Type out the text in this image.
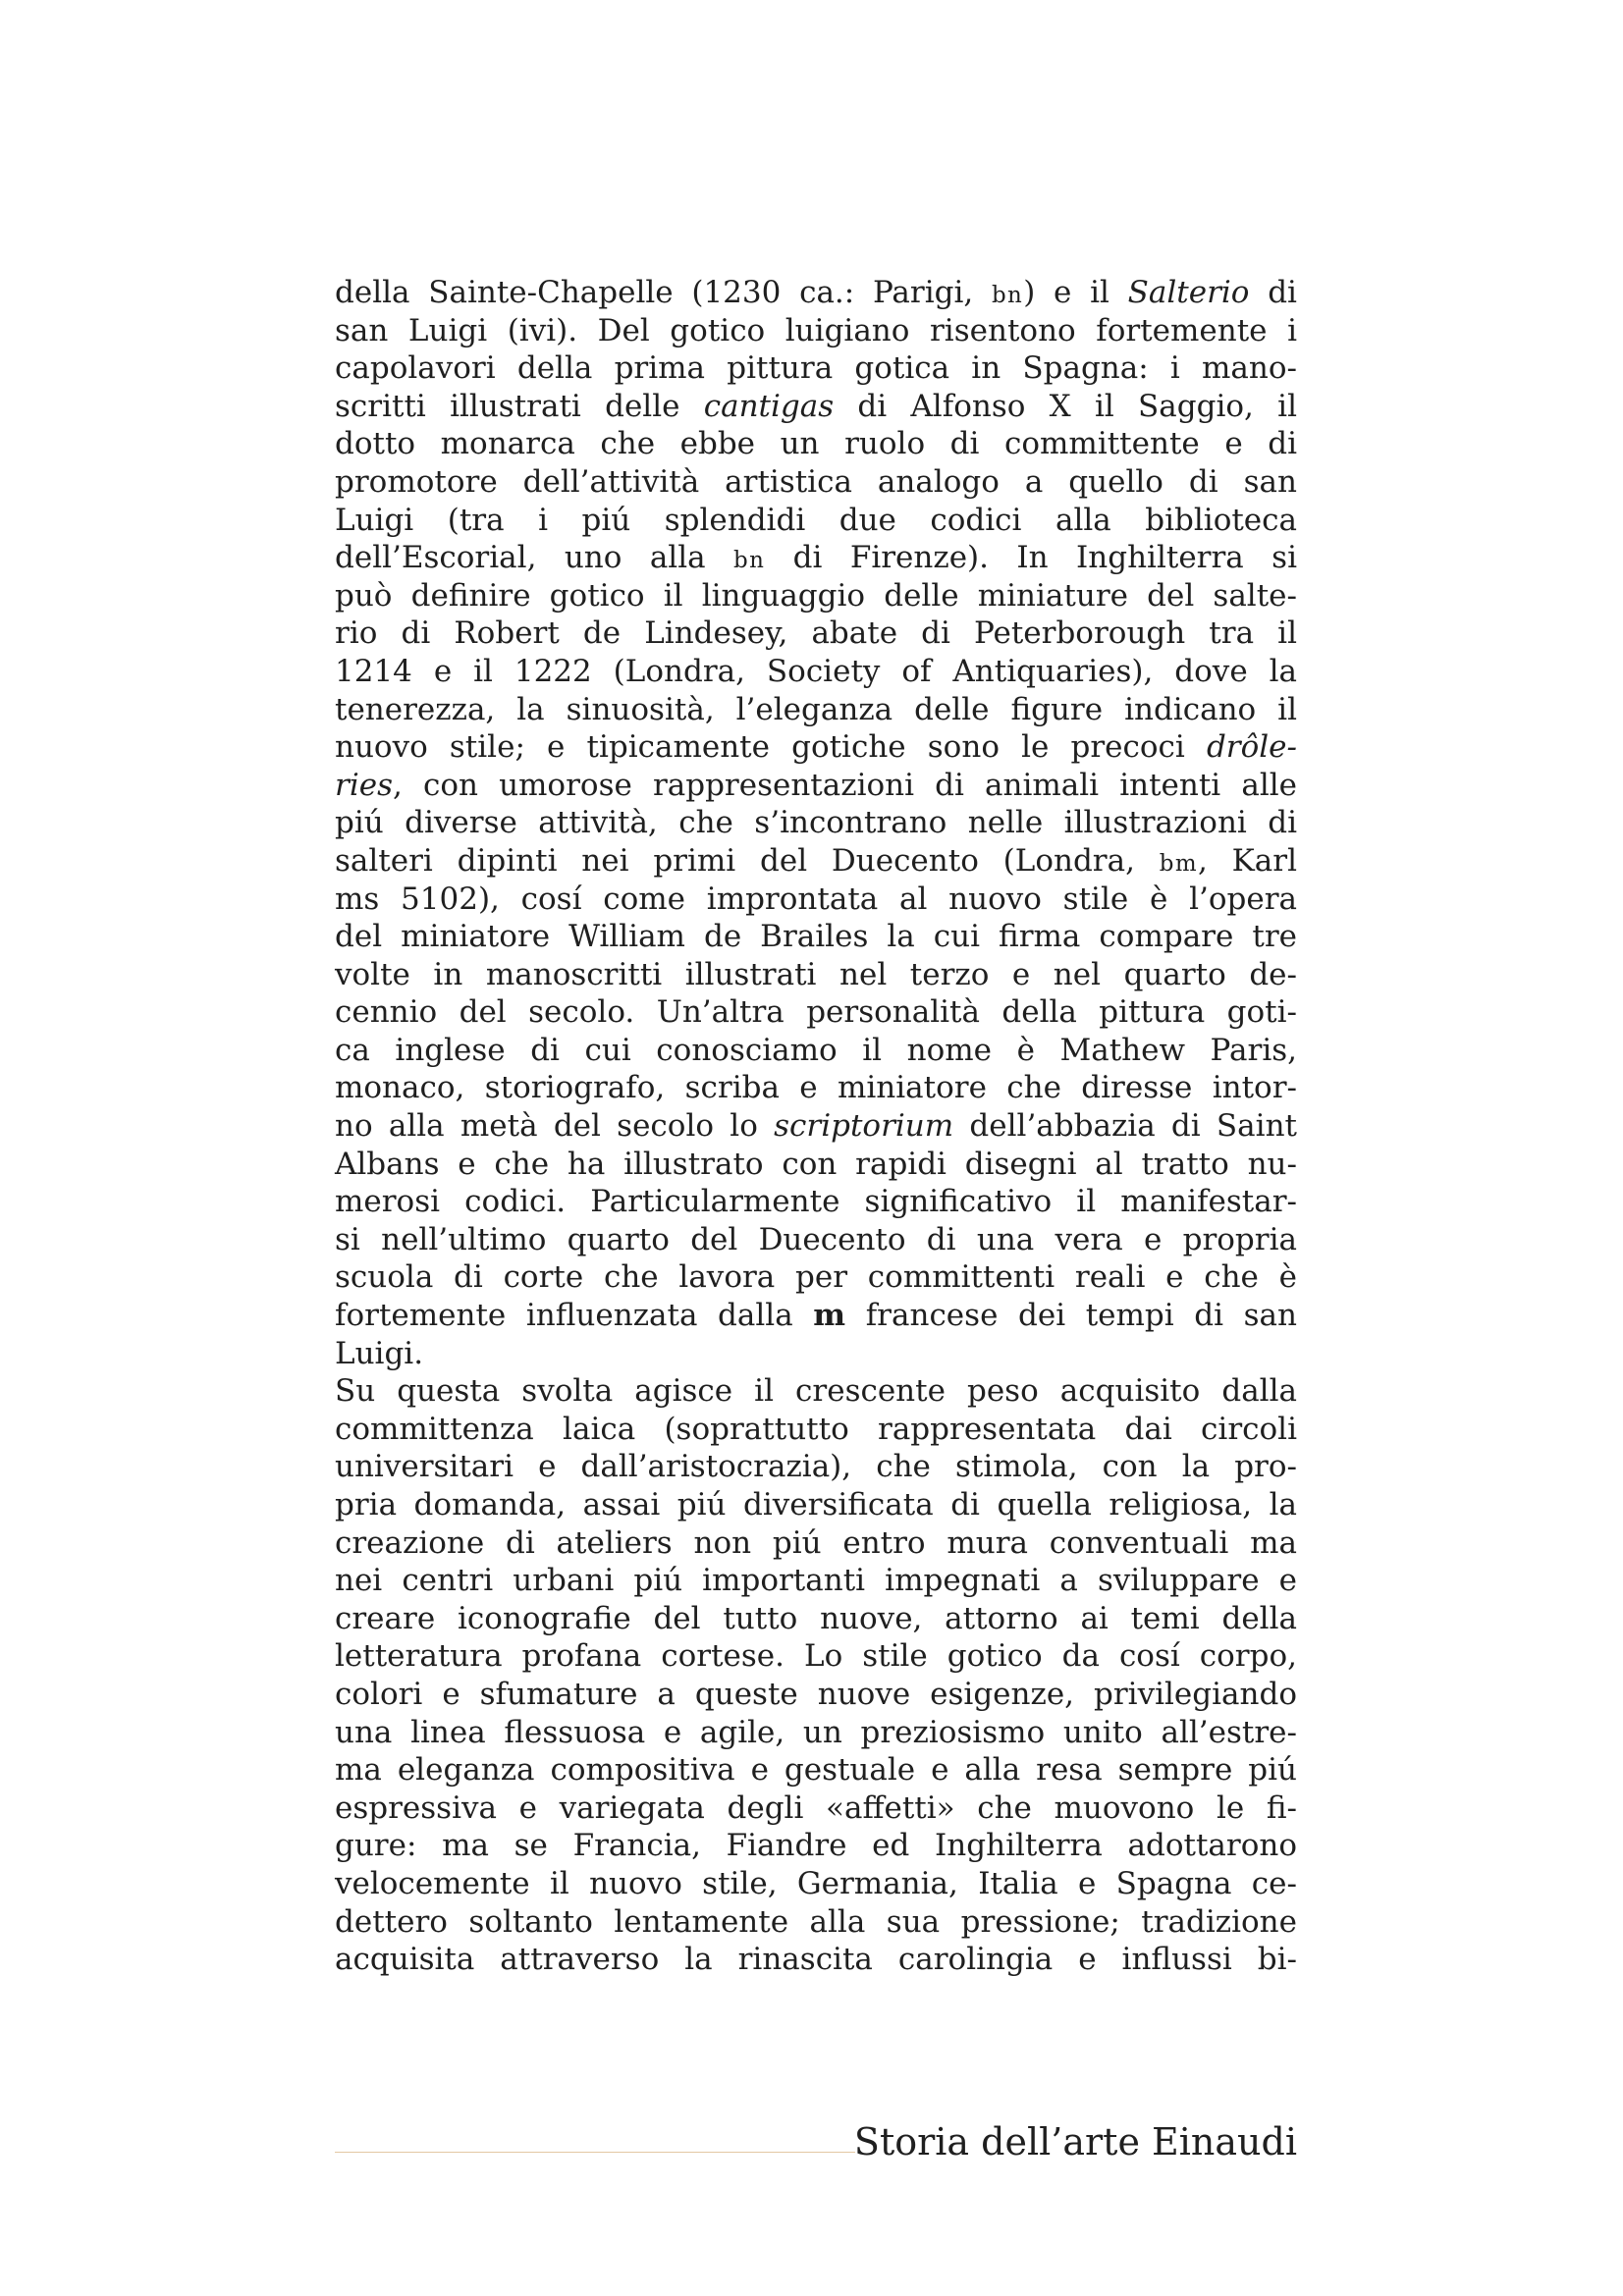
della Sainte-Chapelle (1230 ca.: Parigi, bn) e il Salterio di
san Luigi (ivi). Del gotico luigiano risentono fortemente i
capolavori della prima pittura gotica in Spagna: i mano-
scritti illustrati delle cantigas di Alfonso X il Saggio, il
dotto monarca che ebbe un ruolo di committente e di
promotore dell’attività artistica analogo a quello di san
Luigi (tra i piú splendidi due codici alla biblioteca
dell’Escorial, uno alla bn di Firenze). In Inghilterra si
può definire gotico il linguaggio delle miniature del salte-
rio di Robert de Lindesey, abate di Peterborough tra il
1214 e il 1222 (Londra, Society of Antiquaries), dove la
tenerezza, la sinuosità, l’eleganza delle figure indicano il
nuovo stile; e tipicamente gotiche sono le precoci drôle-
ries, con umorose rappresentazioni di animali intenti alle
piú diverse attività, che s’incontrano nelle illustrazioni di
salteri dipinti nei primi del Duecento (Londra, bm, Karl
ms 5102), cosí come improntata al nuovo stile è l’opera
del miniatore William de Brailes la cui firma compare tre
volte in manoscritti illustrati nel terzo e nel quarto de-
cennio del secolo. Un’altra personalità della pittura goti-
ca inglese di cui conosciamo il nome è Mathew Paris,
monaco, storiografo, scriba e miniatore che diresse intor-
no alla metà del secolo lo scriptorium dell’abbazia di Saint
Albans e che ha illustrato con rapidi disegni al tratto nu-
merosi codici. Particularmente significativo il manifestar-
si nell’ultimo quarto del Duecento di una vera e propria
scuola di corte che lavora per committenti reali e che è
fortemente influenzata dalla m francese dei tempi di san
Luigi.
Su questa svolta agisce il crescente peso acquisito dalla
committenza laica (soprattutto rappresentata dai circoli
universitari e dall’aristocrazia), che stimola, con la pro-
pria domanda, assai piú diversificata di quella religiosa, la
creazione di ateliers non piú entro mura conventuali ma
nei centri urbani piú importanti impegnati a sviluppare e
creare iconografie del tutto nuove, attorno ai temi della
letteratura profana cortese. Lo stile gotico da cosí corpo,
colori e sfumature a queste nuove esigenze, privilegiando
una linea flessuosa e agile, un preziosismo unito all’estre-
ma eleganza compositiva e gestuale e alla resa sempre piú
espressiva e variegata degli «affetti» che muovono le fi-
gure: ma se Francia, Fiandre ed Inghilterra adottarono
velocemente il nuovo stile, Germania, Italia e Spagna ce-
dettero soltanto lentamente alla sua pressione; tradizione
acquisita attraverso la rinascita carolingia e influssi bi-
Storia dell’arte Einaudi
